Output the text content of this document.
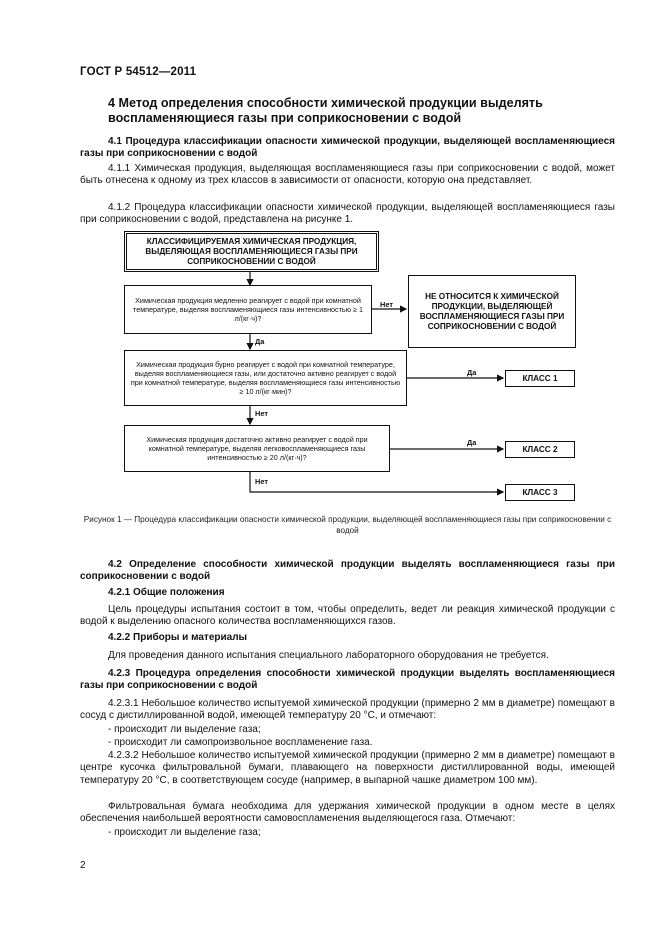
ГОСТ Р 54512—2011
4 Метод определения способности химической продукции выделять воспламеняющиеся газы при соприкосновении с водой
4.1 Процедура классификации опасности химической продукции, выделяющей воспламеняющиеся газы при соприкосновении с водой
4.1.1 Химическая продукция, выделяющая воспламеняющиеся газы при соприкосновении с водой, может быть отнесена к одному из трех классов в зависимости от опасности, которую она представляет.
4.1.2 Процедура классификации опасности химической продукции, выделяющей воспламеняющиеся газы при соприкосновении с водой, представлена на рисунке 1.
КЛАССИФИЦИРУЕМАЯ ХИМИЧЕСКАЯ ПРОДУКЦИЯ, ВЫДЕЛЯЮЩАЯ ВОСПЛАМЕНЯЮЩИЕСЯ ГАЗЫ ПРИ СОПРИКОСНОВЕНИИ С ВОДОЙ
Химическая продукция медленно реагирует с водой при комнатной температуре, выделяя воспламеняющиеся газы интенсивностью ≥ 1 л/(кг·ч)?
Нет
Да
НЕ ОТНОСИТСЯ К ХИМИЧЕСКОЙ ПРОДУКЦИИ, ВЫДЕЛЯЮЩЕЙ ВОСПЛАМЕНЯЮЩИЕСЯ ГАЗЫ ПРИ СОПРИКОСНОВЕНИИ С ВОДОЙ
Химическая продукция бурно реагирует с водой при комнатной температуре, выделяя воспламеняющиеся газы, или достаточно активно реагирует с водой при комнатной температуре, выделяя воспламеняющиеся газы интенсивностью ≥ 10 л/(кг·мин)?
Да
Нет
КЛАСС 1
Химическая продукция достаточно активно реагирует с водой при комнатной температуре, выделяя легковоспламеняющиеся газы интенсивностью ≥ 20 л/(кг·ч)?
Да
Нет
КЛАСС 2
КЛАСС 3
Рисунок 1 — Процедура классификации опасности химической продукции, выделяющей воспламеняющиеся газы при соприкосновении с водой
4.2 Определение способности химической продукции выделять воспламеняющиеся газы при соприкосновении с водой
4.2.1 Общие положения
Цель процедуры испытания состоит в том, чтобы определить, ведет ли реакция химической продукции с водой к выделению опасного количества воспламеняющихся газов.
4.2.2 Приборы и материалы
Для проведения данного испытания специального лабораторного оборудования не требуется.
4.2.3 Процедура определения способности химической продукции выделять воспламеняющиеся газы при соприкосновении с водой
4.2.3.1 Небольшое количество испытуемой химической продукции (примерно 2 мм в диаметре) помещают в сосуд с дистиллированной водой, имеющей температуру 20 °С, и отмечают:
- происходит ли выделение газа;
- происходит ли самопроизвольное воспламенение газа.
4.2.3.2 Небольшое количество испытуемой химической продукции (примерно 2 мм в диаметре) помещают в центре кусочка фильтровальной бумаги, плавающего на поверхности дистиллированной воды, имеющей температуру 20 °С, в соответствующем сосуде (например, в выпарной чашке диаметром 100 мм).
Фильтровальная бумага необходима для удержания химической продукции в одном месте в целях обеспечения наибольшей вероятности самовоспламенения выделяющегося газа. Отмечают:
- происходит ли выделение газа;
2
